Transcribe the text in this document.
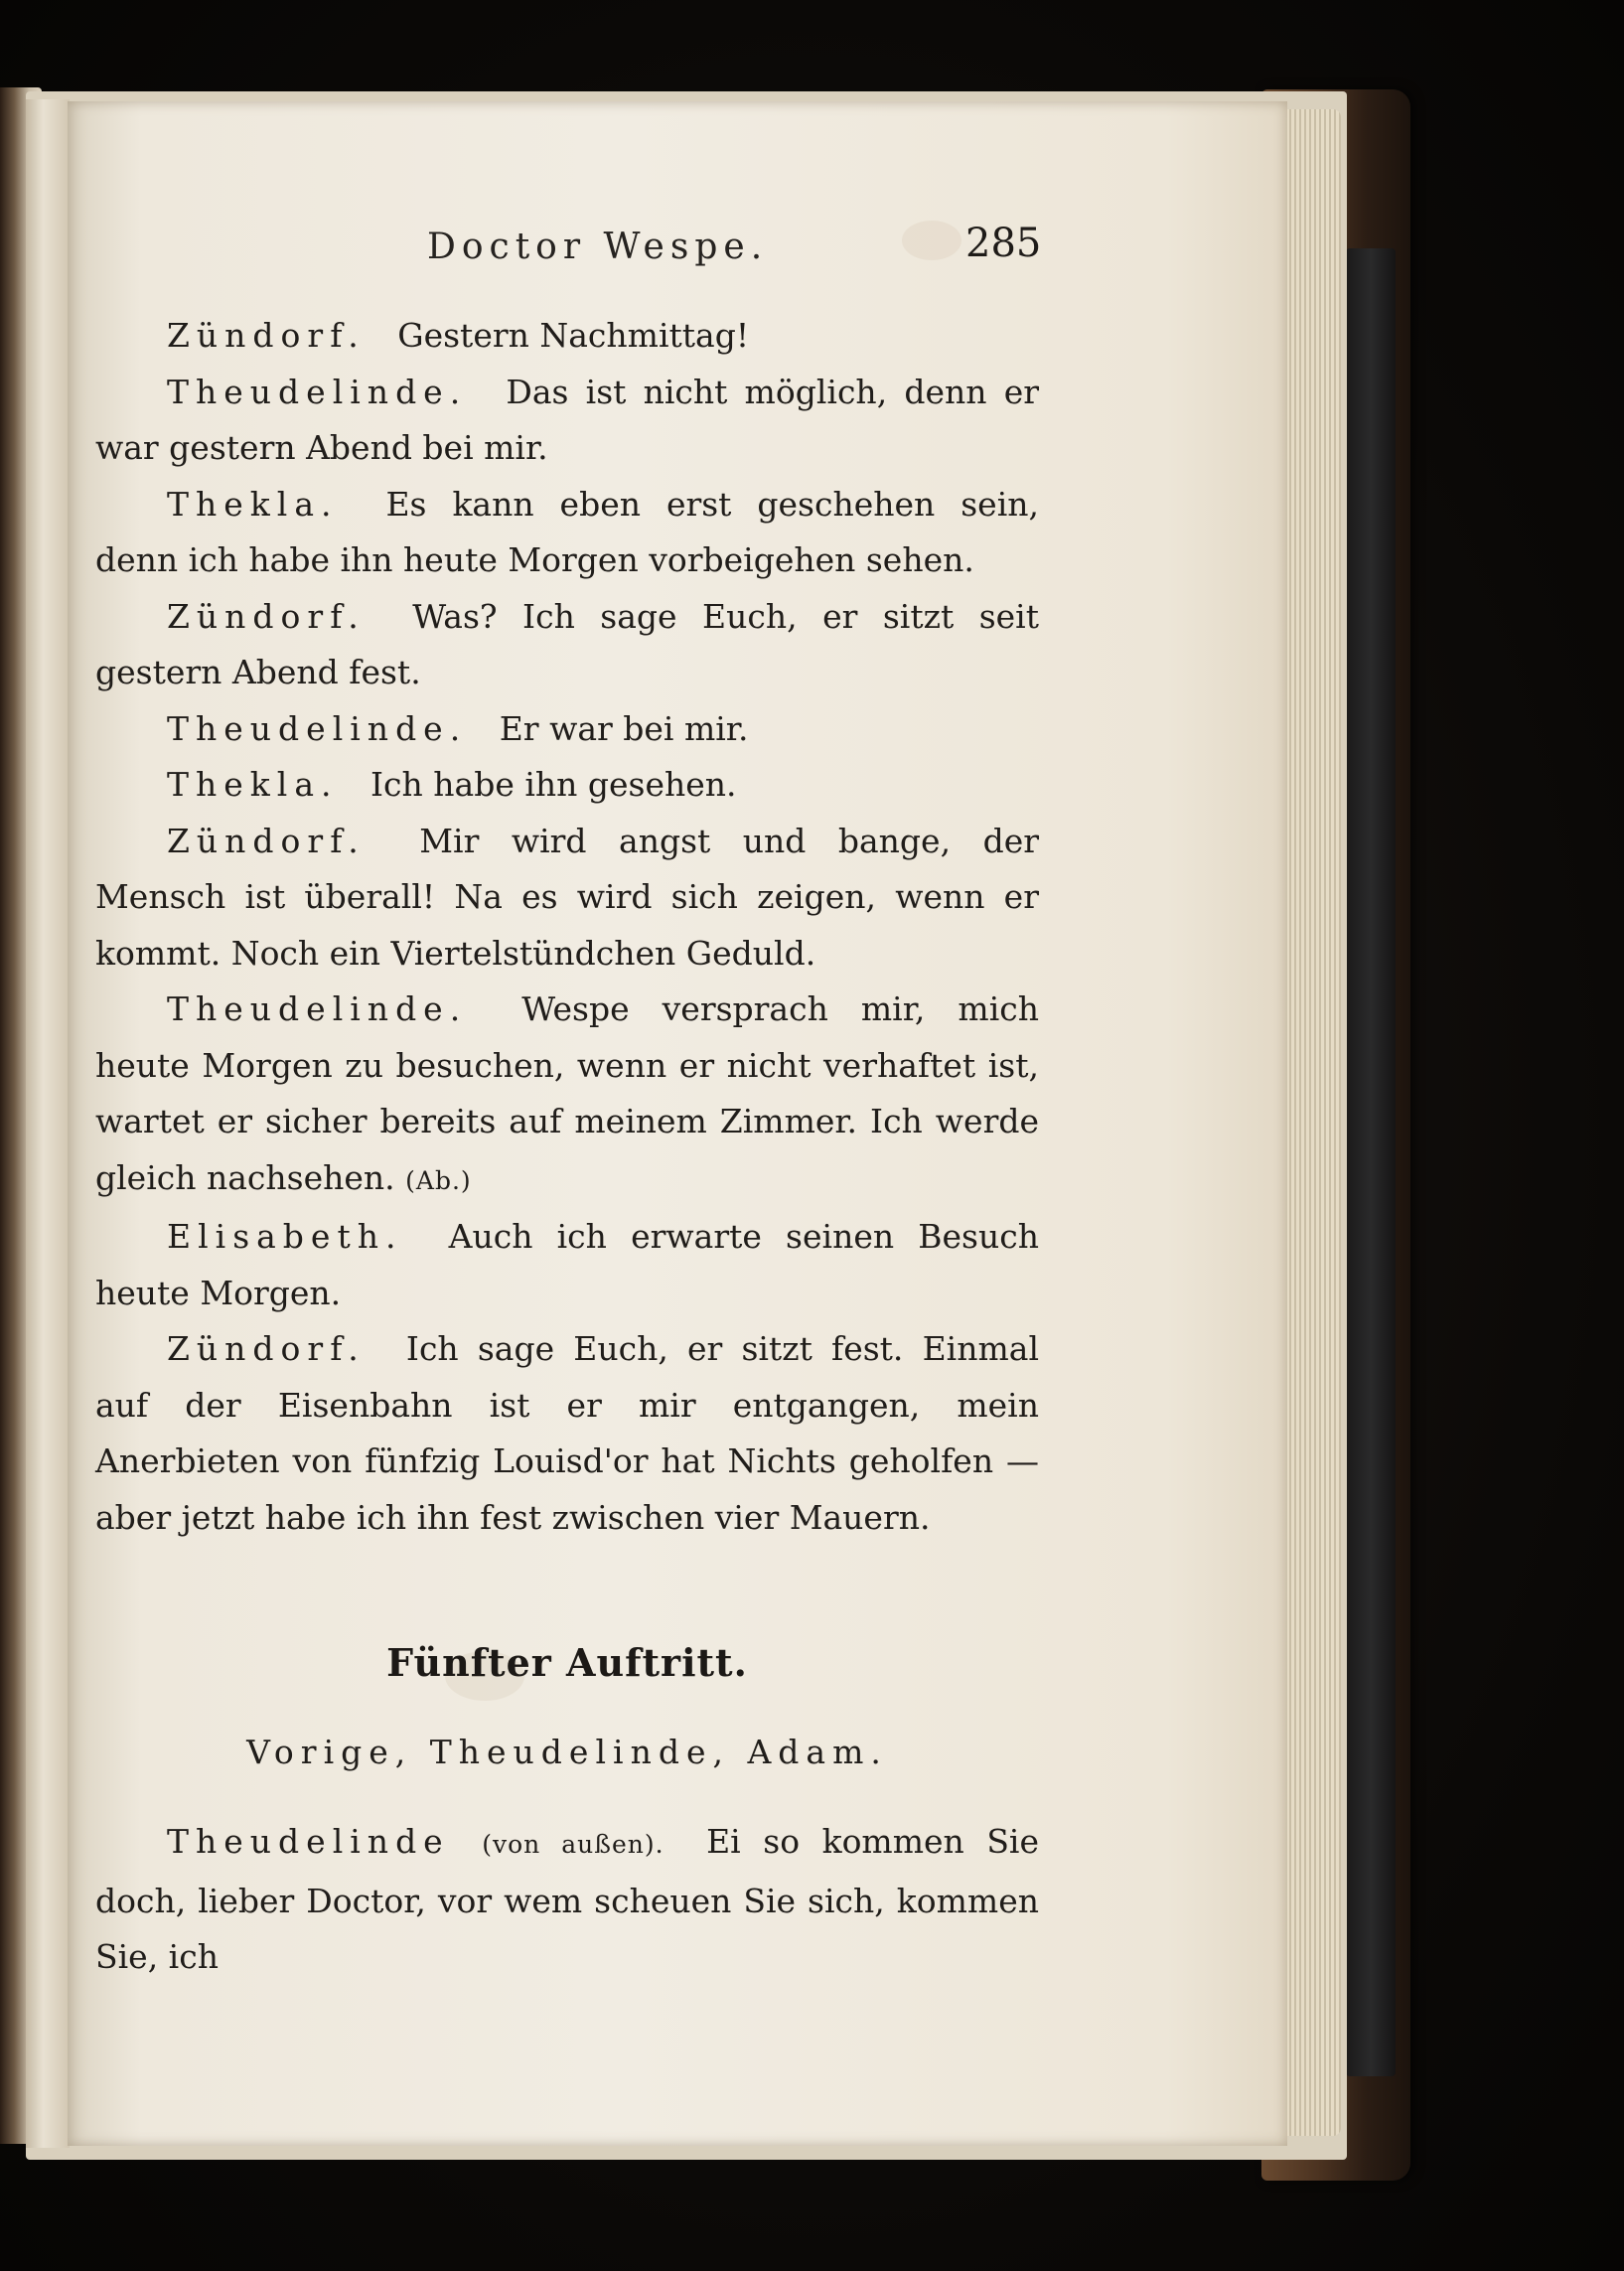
Doctor Wespe.	285

Zündorf. Gestern Nachmittag!

Theudelinde. Das ist nicht möglich, denn er war gestern Abend bei mir.

Thekla. Es kann eben erst geschehen sein, denn ich habe ihn heute Morgen vorbeigehen sehen.

Zündorf. Was? Ich sage Euch, er sitzt seit gestern Abend fest.

Theudelinde. Er war bei mir.

Thekla. Ich habe ihn gesehen.

Zündorf. Mir wird angst und bange, der Mensch ist überall! Na es wird sich zeigen, wenn er kommt. Noch ein Viertelstündchen Geduld.

Theudelinde. Wespe versprach mir, mich heute Morgen zu besuchen, wenn er nicht verhaftet ist, wartet er sicher bereits auf meinem Zimmer. Ich werde gleich nachsehen. (Ab.)

Elisabeth. Auch ich erwarte seinen Besuch heute Morgen.

Zündorf. Ich sage Euch, er sitzt fest. Einmal auf der Eisenbahn ist er mir entgangen, mein Anerbieten von fünfzig Louisd'or hat Nichts geholfen — aber jetzt habe ich ihn fest zwischen vier Mauern.

Fünfter Auftritt.

Vorige, Theudelinde, Adam.

Theudelinde (von außen). Ei so kommen Sie doch, lieber Doctor, vor wem scheuen Sie sich, kommen Sie, ich
